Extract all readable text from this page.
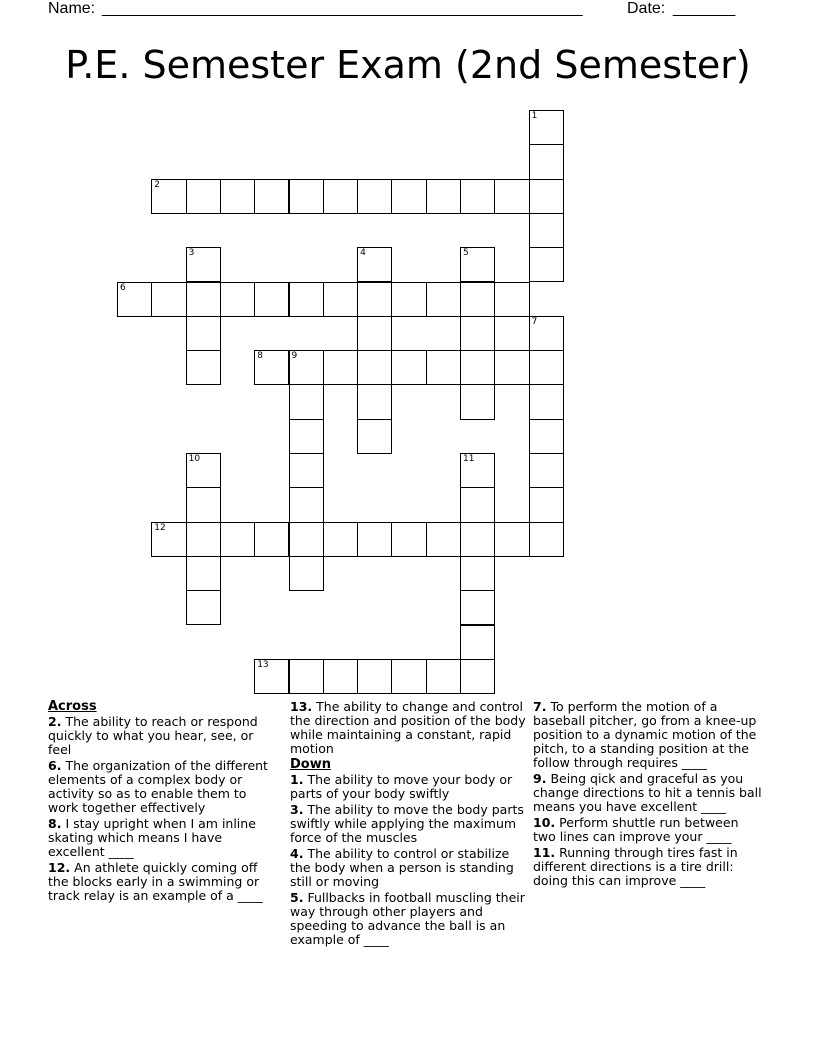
Name: ______________________________________________________	Date: _______
P.E. Semester Exam (2nd Semester)
1
2
3	4	5
6
7
8	9
10	11
12
13
Across
2. The ability to reach or respond quickly to what you hear, see, or feel
6. The organization of the different elements of a complex body or activity so as to enable them to work together effectively
8. I stay upright when I am inline skating which means I have excellent ____
12. An athlete quickly coming off the blocks early in a swimming or track relay is an example of a ____
13. The ability to change and control the direction and position of the body while maintaining a constant, rapid motion
Down
1. The ability to move your body or parts of your body swiftly
3. The ability to move the body parts swiftly while applying the maximum force of the muscles
4. The ability to control or stabilize the body when a person is standing still or moving
5. Fullbacks in football muscling their way through other players and speeding to advance the ball is an example of ____
7. To perform the motion of a baseball pitcher, go from a knee-up position to a dynamic motion of the pitch, to a standing position at the follow through requires ____
9. Being qick and graceful as you change directions to hit a tennis ball means you have excellent ____
10. Perform shuttle run between two lines can improve your ____
11. Running through tires fast in different directions is a tire drill: doing this can improve ____
